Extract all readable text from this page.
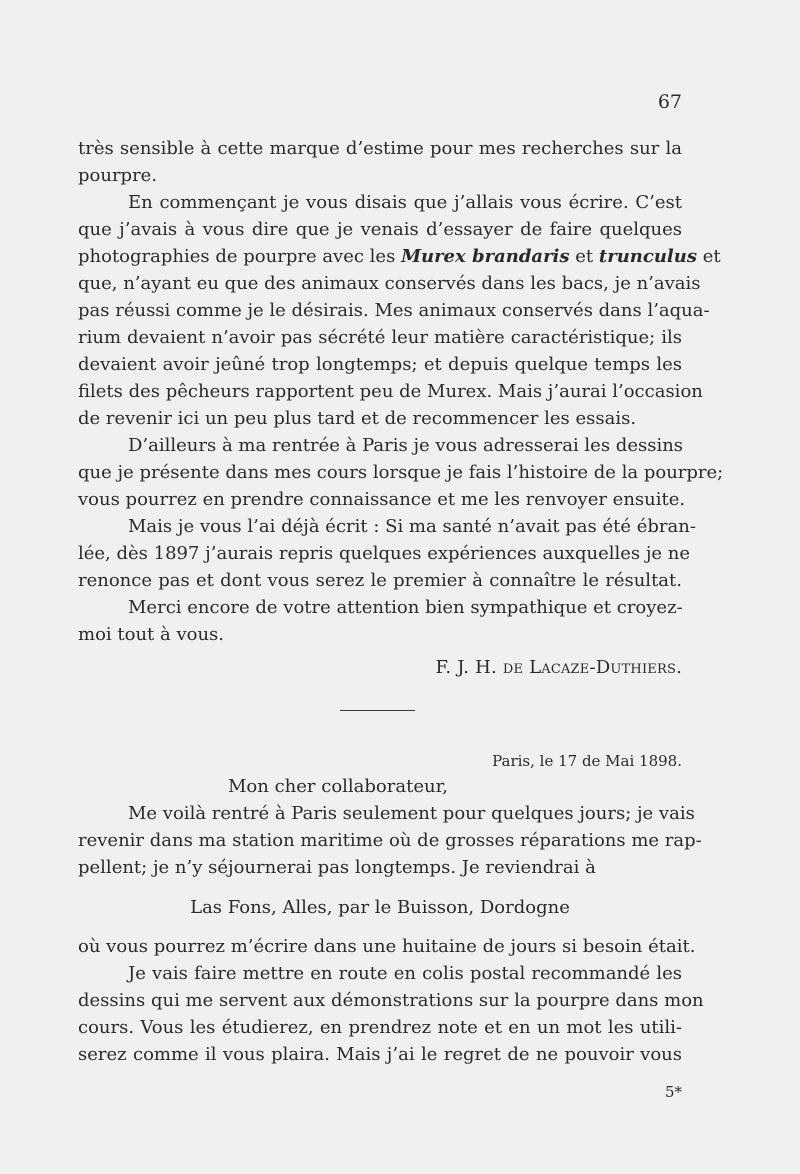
67
très sensible à cette marque d’estime pour mes recherches sur la
pourpre.
En commençant je vous disais que j’allais vous écrire. C’est
que j’avais à vous dire que je venais d’essayer de faire quelques
photographies de pourpre avec les Murex brandaris et trunculus et
que, n’ayant eu que des animaux conservés dans les bacs, je n’avais
pas réussi comme je le désirais. Mes animaux conservés dans l’aqua-
rium devaient n’avoir pas sécrété leur matière caractéristique; ils
devaient avoir jeûné trop longtemps; et depuis quelque temps les
filets des pêcheurs rapportent peu de Murex. Mais j’aurai l’occasion
de revenir ici un peu plus tard et de recommencer les essais.
D’ailleurs à ma rentrée à Paris je vous adresserai les dessins
que je présente dans mes cours lorsque je fais l’histoire de la pourpre;
vous pourrez en prendre connaissance et me les renvoyer ensuite.
Mais je vous l’ai déjà écrit : Si ma santé n’avait pas été ébran-
lée, dès 1897 j’aurais repris quelques expériences auxquelles je ne
renonce pas et dont vous serez le premier à connaître le résultat.
Merci encore de votre attention bien sympathique et croyez-
moi tout à vous.
F. J. H. de Lacaze-Duthiers.
Paris, le 17 de Mai 1898.
Mon cher collaborateur,
Me voilà rentré à Paris seulement pour quelques jours; je vais
revenir dans ma station maritime où de grosses réparations me rap-
pellent; je n’y séjournerai pas longtemps. Je reviendrai à
Las Fons, Alles, par le Buisson, Dordogne
où vous pourrez m’écrire dans une huitaine de jours si besoin était.
Je vais faire mettre en route en colis postal recommandé les
dessins qui me servent aux démonstrations sur la pourpre dans mon
cours. Vous les étudierez, en prendrez note et en un mot les utili-
serez comme il vous plaira. Mais j’ai le regret de ne pouvoir vous
5*
